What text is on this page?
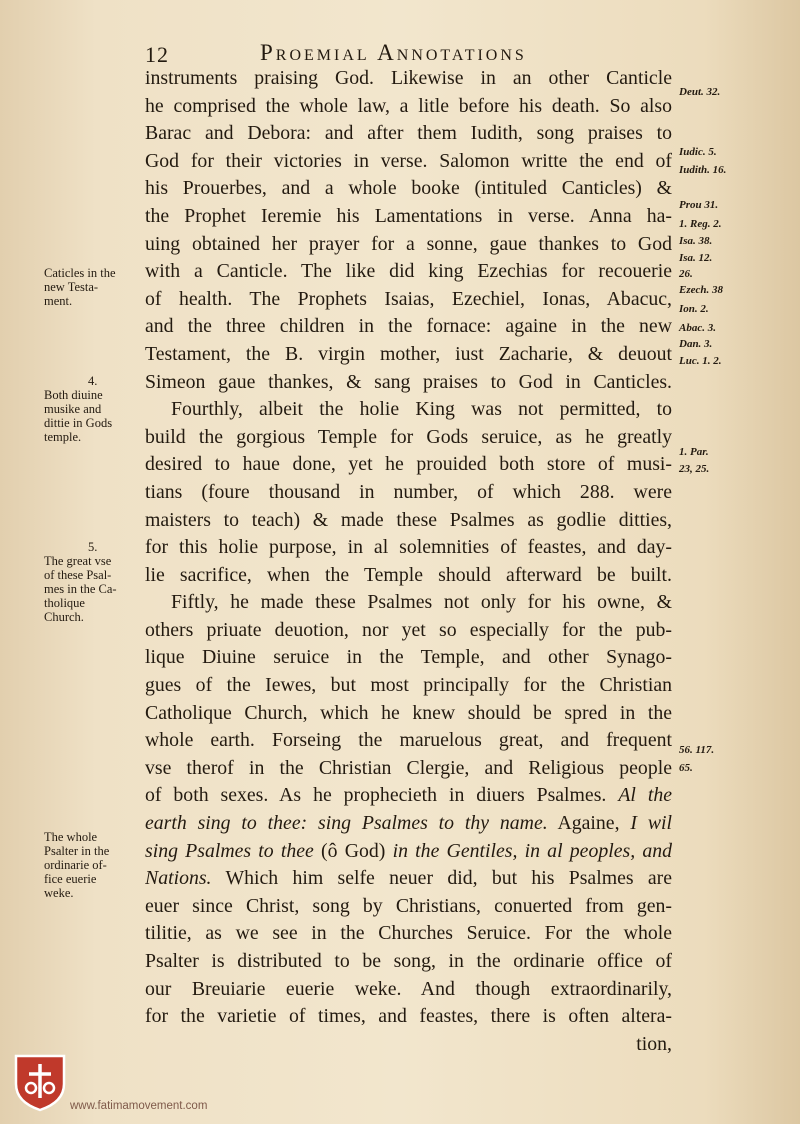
12	Proemial Annotations
instruments praising God. Likewise in an other Canticle
he comprised the whole law, a litle before his death. So also
Barac and Debora: and after them Iudith, song praises to
God for their victories in verse. Salomon writte the end of
his Prouerbes, and a whole booke (intituled Canticles) &
the Prophet Ieremie his Lamentations in verse. Anna ha-
uing obtained her prayer for a sonne, gaue thankes to God
with a Canticle. The like did king Ezechias for recouerie
of health. The Prophets Isaias, Ezechiel, Ionas, Abacuc,
and the three children in the fornace: againe in the new
Testament, the B. virgin mother, iust Zacharie, & deuout
Simeon gaue thankes, & sang praises to God in Canticles.
Fourthly, albeit the holie King was not permitted, to
build the gorgious Temple for Gods seruice, as he greatly
desired to haue done, yet he prouided both store of musi-
tians (foure thousand in number, of which 288. were
maisters to teach) & made these Psalmes as godlie ditties,
for this holie purpose, in al solemnities of feastes, and day-
lie sacrifice, when the Temple should afterward be built.
Fiftly, he made these Psalmes not only for his owne, &
others priuate deuotion, nor yet so especially for the pub-
lique Diuine seruice in the Temple, and other Synago-
gues of the Iewes, but most principally for the Christian
Catholique Church, which he knew should be spred in the
whole earth. Forseing the maruelous great, and frequent
vse therof in the Christian Clergie, and Religious people
of both sexes. As he prophecieth in diuers Psalmes. Al the
earth sing to thee: sing Psalmes to thy name. Againe, I wil
sing Psalmes to thee (ô God) in the Gentiles, in al peoples, and
Nations. Which him selfe neuer did, but his Psalmes are
euer since Christ, song by Christians, conuerted from gen-
tilitie, as we see in the Churches Seruice. For the whole
Psalter is distributed to be song, in the ordinarie office of
our Breuiarie euerie weke. And though extraordinarily,
for the varietie of times, and feastes, there is often altera-
tion,
Caticles in the
new Testa-
ment.
4.
Both diuine
musike and
dittie in Gods
temple.
5.
The great vse
of these Psal-
mes in the Ca-
tholique
Church.
The whole
Psalter in the
ordinarie of-
fice euerie
weke.
Deut. 32.
Iudic. 5.
Iudith. 16.
Prou 31.
1. Reg. 2.
Isa. 38.
Isa. 12.
26.
Ezech. 38
Ion. 2.
Abac. 3.
Dan. 3.
Luc. 1. 2.
1. Par.
23, 25.
56. 117.
65.
www.fatimamovement.com
